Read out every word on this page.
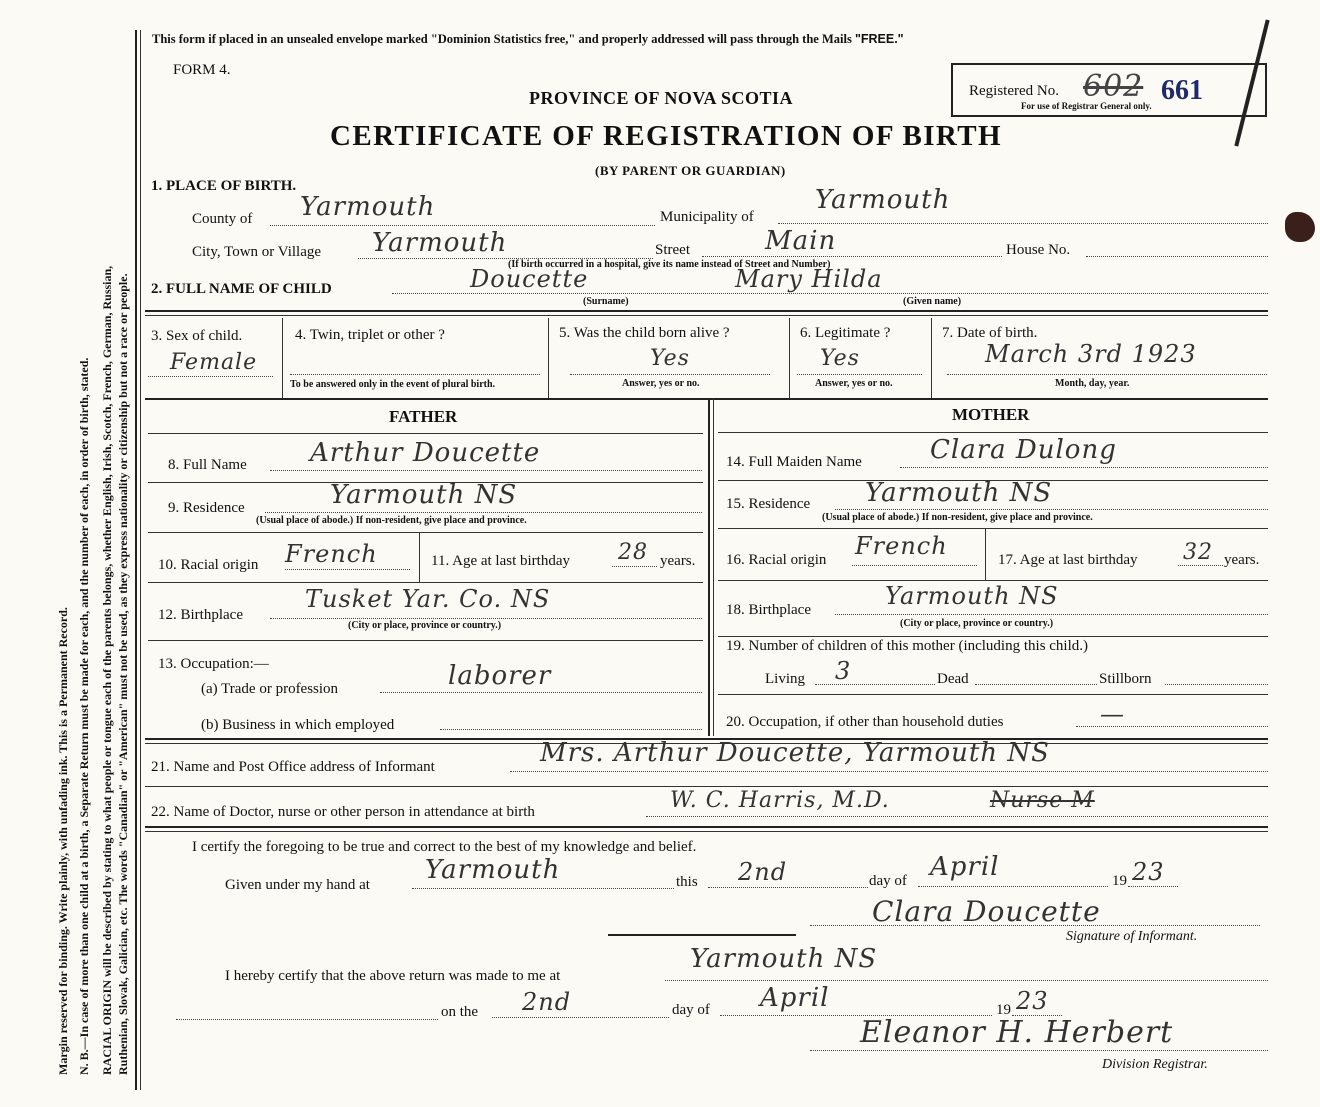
Margin reserved for binding. Write plainly, with unfading ink. This is a Permanent Record. N. B.—In case of more than one child at a birth, a Separate Return must be made for each, and the number of each, in order of birth, stated. RACIAL ORIGIN will be described by stating to what people or tongue each of the parents belongs, whether English, Irish, Scotch, French, German, Russian, Ruthenian, Slovak, Galician, etc. The words "Canadian" or "American" must not be used, as they express nationality or citizenship but not a race or people.
This form if placed in an unsealed envelope marked "Dominion Statistics free," and properly addressed will pass through the Mails "FREE."
FORM 4.
Registered No. 602 661
For use of Registrar General only.
PROVINCE OF NOVA SCOTIA
CERTIFICATE OF REGISTRATION OF BIRTH
(BY PARENT OR GUARDIAN)
1. PLACE OF BIRTH.
County of Yarmouth	Municipality of
Yarmouth
City, Town or Village Yarmouth	Street	Main	House No.
(If birth occurred in a hospital, give its name instead of Street and Number)
2. FULL NAME OF CHILD	Doucette	Mary Hilda
(Surname)	(Given name)
3. Sex of child.
Female
4. Twin, triplet or other ?
To be answered only in the event of plural birth.
5. Was the child born alive ?
Yes
Answer, yes or no.
6. Legitimate ?
Yes
Answer, yes or no.
7. Date of birth.
March 3rd 1923
Month, day, year.
FATHER	MOTHER
8. Full Name Arthur Doucette
9. Residence	Yarmouth NS
(Usual place of abode.) If non-resident, give place and province.
10. Racial origin French	11. Age at last birthday 28 years.
12. Birthplace
Tusket Yar. Co. NS
(City or place, province or country.)
13. Occupation:—
(a) Trade or profession	laborer
(b) Business in which employed
14. Full Maiden Name	Clara Dulong
15. Residence Yarmouth NS
(Usual place of abode.) If non-resident, give place and province.
16. Racial origin French	17. Age at last birthday 32 years.
18. Birthplace	Yarmouth NS
(City or place, province or country.)
19. Number of children of this mother (including this child.)
Living 3	Dead	Stillborn
20. Occupation, if other than household duties	—
21. Name and Post Office address of Informant	Mrs. Arthur Doucette, Yarmouth NS
22. Name of Doctor, nurse or other person in attendance at birth	W. C. Harris, M.D.	Nurse M
I certify the foregoing to be true and correct to the best of my knowledge and belief.
Given under my hand at Yarmouth	this 2nd	day of April	19 23
Clara Doucette
Signature of Informant.
I hereby certify that the above return was made to me at
Yarmouth NS
on the 2nd	day of April	19 23
Eleanor H. Herbert
Division Registrar.
